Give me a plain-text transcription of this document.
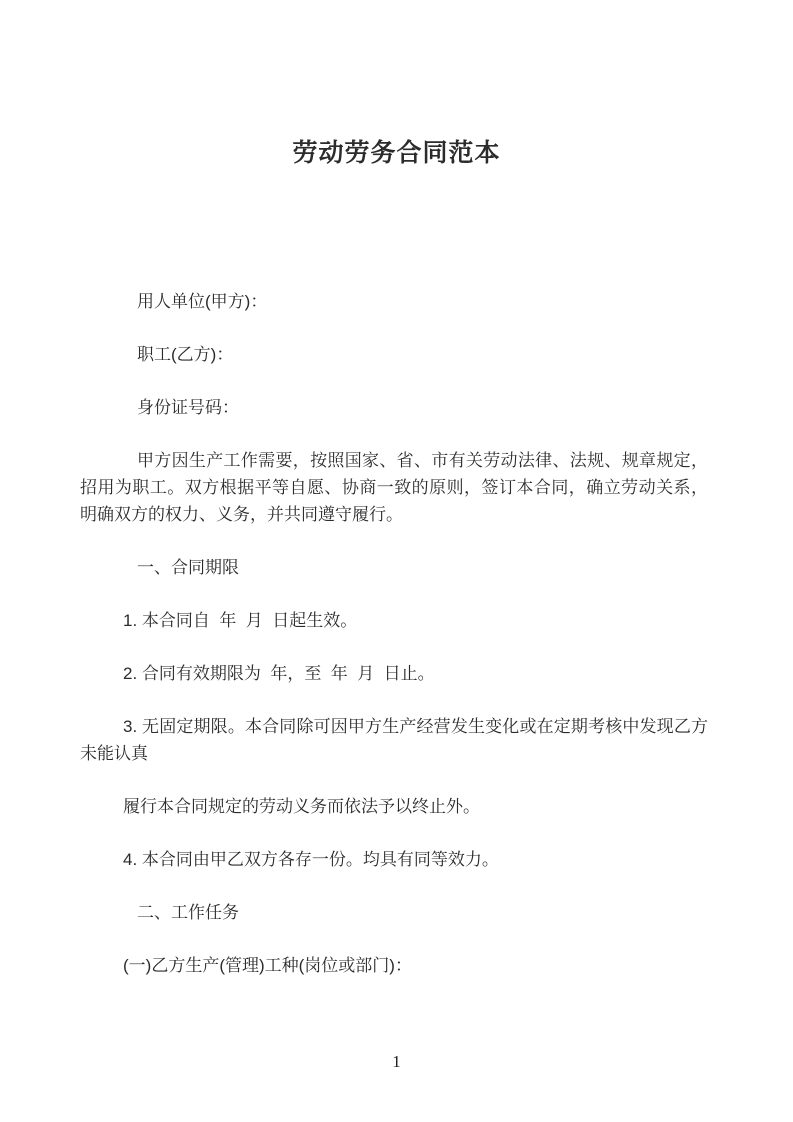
劳动劳务合同范本

用人单位(甲方)：

职工(乙方)：

身份证号码：

甲方因生产工作需要，按照国家、省、市有关劳动法律、法规、规章规定，招用为职工。双方根据平等自愿、协商一致的原则，签订本合同，确立劳动关系，明确双方的权力、义务，并共同遵守履行。

一、合同期限

1. 本合同自  年  月  日起生效。

2. 合同有效期限为  年，至  年  月  日止。

3. 无固定期限。本合同除可因甲方生产经营发生变化或在定期考核中发现乙方未能认真

履行本合同规定的劳动义务而依法予以终止外。

4. 本合同由甲乙双方各存一份。均具有同等效力。

二、工作任务

(一)乙方生产(管理)工种(岗位或部门)：

1
